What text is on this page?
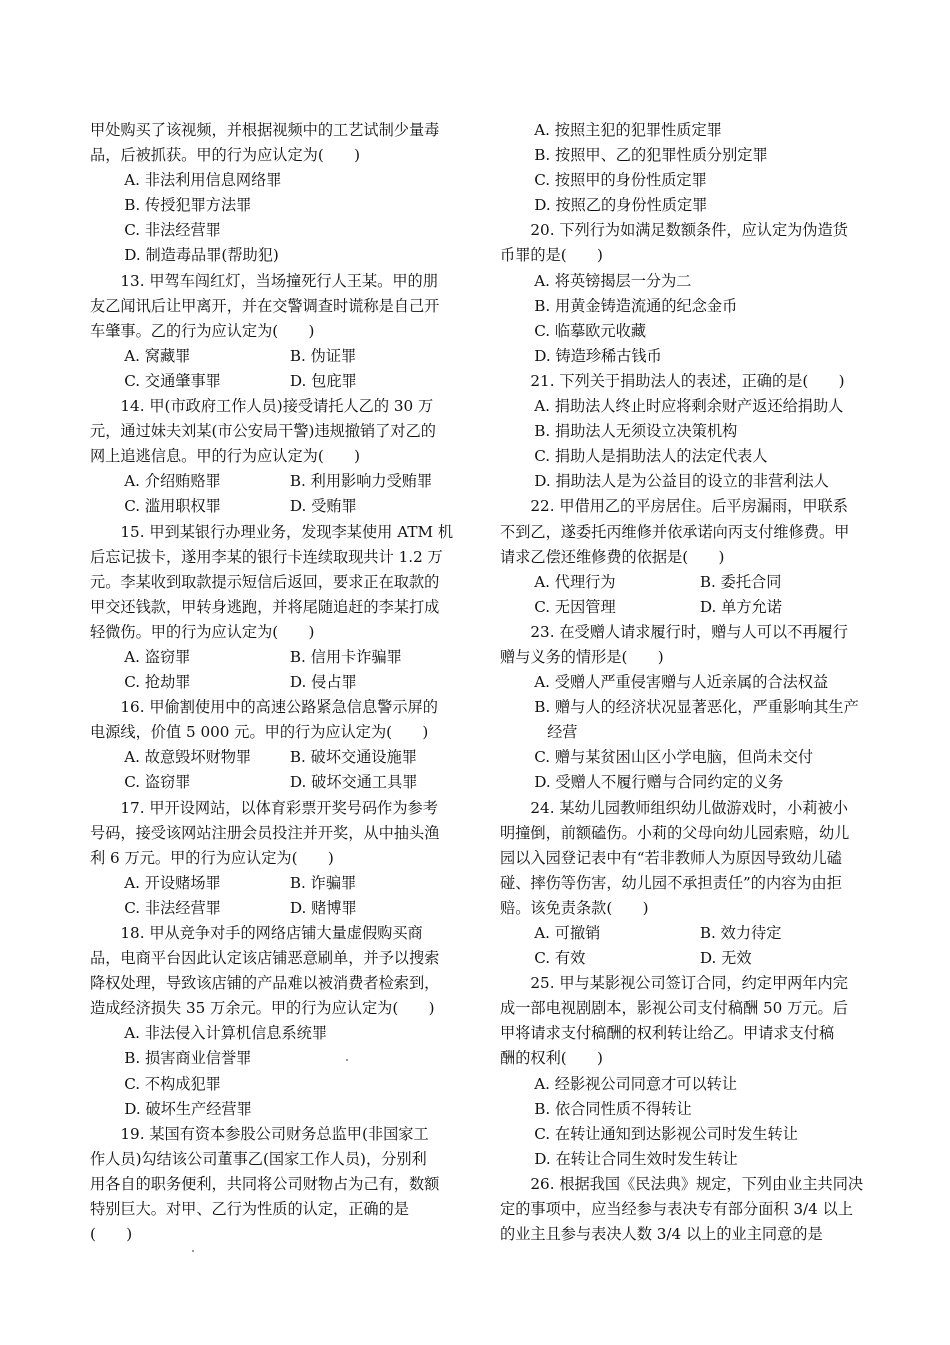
甲处购买了该视频，并根据视频中的工艺试制少量毒
品，后被抓获。甲的行为应认定为(　　)
A. 非法利用信息网络罪
B. 传授犯罪方法罪
C. 非法经营罪
D. 制造毒品罪(帮助犯)
13. 甲驾车闯红灯，当场撞死行人王某。甲的朋
友乙闻讯后让甲离开，并在交警调查时谎称是自己开
车肇事。乙的行为应认定为(　　)
A. 窝藏罪	B. 伪证罪
C. 交通肇事罪	D. 包庇罪
14. 甲(市政府工作人员)接受请托人乙的 30 万
元，通过妹夫刘某(市公安局干警)违规撤销了对乙的
网上追逃信息。甲的行为应认定为(　　)
A. 介绍贿赂罪	B. 利用影响力受贿罪
C. 滥用职权罪	D. 受贿罪
15. 甲到某银行办理业务，发现李某使用 ATM 机
后忘记拔卡，遂用李某的银行卡连续取现共计 1.2 万
元。李某收到取款提示短信后返回，要求正在取款的
甲交还钱款，甲转身逃跑，并将尾随追赶的李某打成
轻微伤。甲的行为应认定为(　　)
A. 盗窃罪	B. 信用卡诈骗罪
C. 抢劫罪	D. 侵占罪
16. 甲偷割使用中的高速公路紧急信息警示屏的
电源线，价值 5 000 元。甲的行为应认定为(　　)
A. 故意毁坏财物罪	B. 破坏交通设施罪
C. 盗窃罪	D. 破坏交通工具罪
17. 甲开设网站，以体育彩票开奖号码作为参考
号码，接受该网站注册会员投注并开奖，从中抽头渔
利 6 万元。甲的行为应认定为(　　)
A. 开设赌场罪	B. 诈骗罪
C. 非法经营罪	D. 赌博罪
18. 甲从竞争对手的网络店铺大量虚假购买商
品，电商平台因此认定该店铺恶意刷单，并予以搜索
降权处理，导致该店铺的产品难以被消费者检索到，
造成经济损失 35 万余元。甲的行为应认定为(　　)
A. 非法侵入计算机信息系统罪
B. 损害商业信誉罪
C. 不构成犯罪
D. 破坏生产经营罪
19. 某国有资本参股公司财务总监甲(非国家工
作人员)勾结该公司董事乙(国家工作人员)，分别利
用各自的职务便利，共同将公司财物占为己有，数额
特别巨大。对甲、乙行为性质的认定，正确的是
(　　)
A. 按照主犯的犯罪性质定罪
B. 按照甲、乙的犯罪性质分别定罪
C. 按照甲的身份性质定罪
D. 按照乙的身份性质定罪
20. 下列行为如满足数额条件，应认定为伪造货
币罪的是(　　)
A. 将英镑揭层一分为二
B. 用黄金铸造流通的纪念金币
C. 临摹欧元收藏
D. 铸造珍稀古钱币
21. 下列关于捐助法人的表述，正确的是(　　)
A. 捐助法人终止时应将剩余财产返还给捐助人
B. 捐助法人无须设立决策机构
C. 捐助人是捐助法人的法定代表人
D. 捐助法人是为公益目的设立的非营利法人
22. 甲借用乙的平房居住。后平房漏雨，甲联系
不到乙，遂委托丙维修并依承诺向丙支付维修费。甲
请求乙偿还维修费的依据是(　　)
A. 代理行为	B. 委托合同
C. 无因管理	D. 单方允诺
23. 在受赠人请求履行时，赠与人可以不再履行
赠与义务的情形是(　　)
A. 受赠人严重侵害赠与人近亲属的合法权益
B. 赠与人的经济状况显著恶化，严重影响其生产
经营
C. 赠与某贫困山区小学电脑，但尚未交付
D. 受赠人不履行赠与合同约定的义务
24. 某幼儿园教师组织幼儿做游戏时，小莉被小
明撞倒，前额磕伤。小莉的父母向幼儿园索赔，幼儿
园以入园登记表中有“若非教师人为原因导致幼儿磕
碰、摔伤等伤害，幼儿园不承担责任”的内容为由拒
赔。该免责条款(　　)
A. 可撤销	B. 效力待定
C. 有效	D. 无效
25. 甲与某影视公司签订合同，约定甲两年内完
成一部电视剧剧本，影视公司支付稿酬 50 万元。后
甲将请求支付稿酬的权利转让给乙。甲请求支付稿
酬的权利(　　)
A. 经影视公司同意才可以转让
B. 依合同性质不得转让
C. 在转让通知到达影视公司时发生转让
D. 在转让合同生效时发生转让
26. 根据我国《民法典》规定，下列由业主共同决
定的事项中，应当经参与表决专有部分面积 3/4 以上
的业主且参与表决人数 3/4 以上的业主同意的是
